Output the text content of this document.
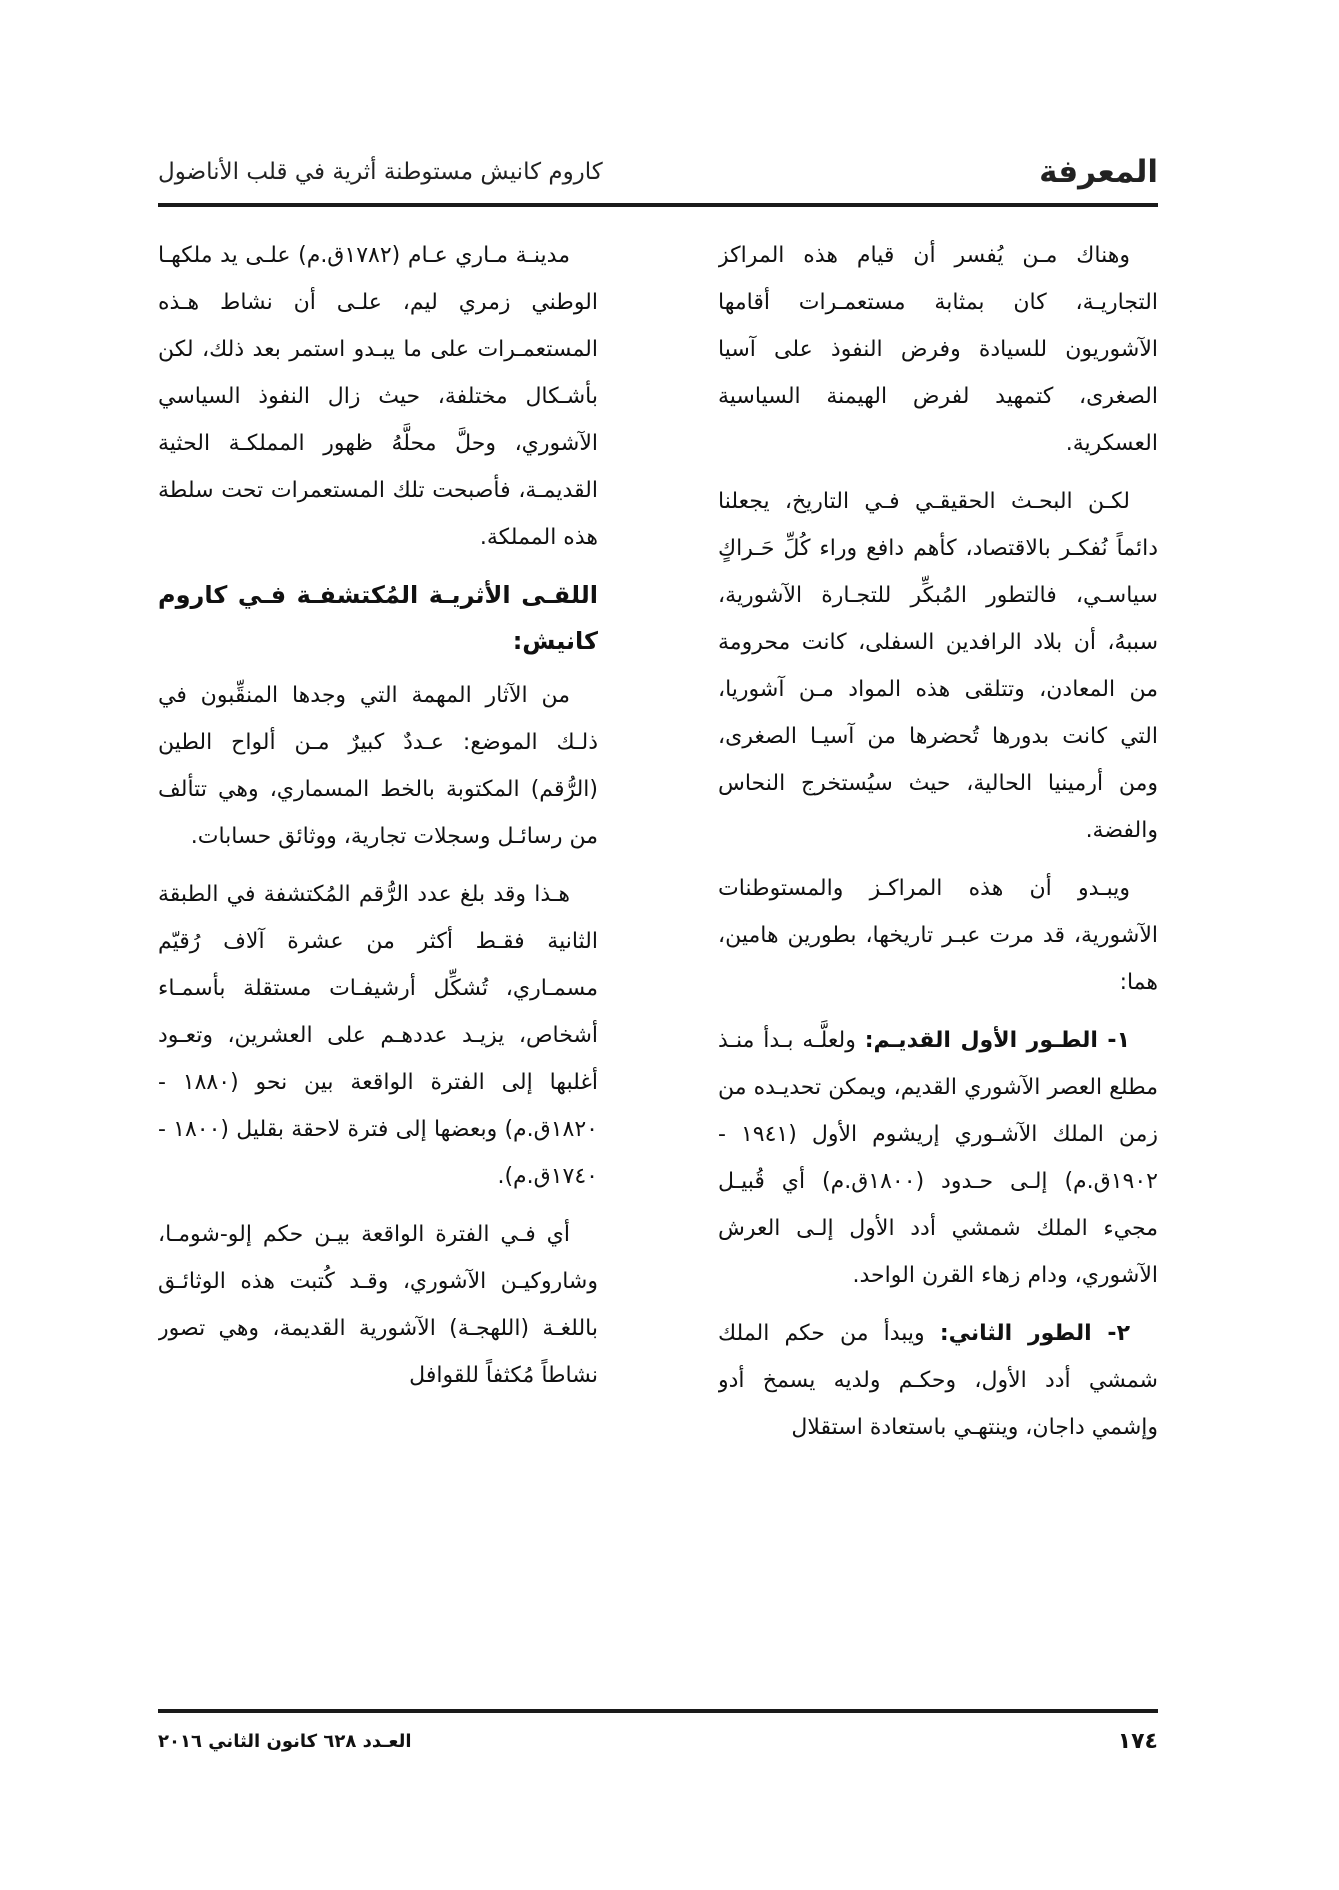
المعرفة
كاروم كانيش مستوطنة أثرية في قلب الأناضول

وهناك مـن يُفسر أن قيام هذه المراكز التجاريـة، كان بمثابة مستعمـرات أقامها الآشوريون للسيادة وفرض النفوذ على آسيا الصغرى، كتمهيد لفرض الهيمنة السياسية العسكرية.

لكـن البحـث الحقيقـي فـي التاريخ، يجعلنا دائماً نُفكـر بالاقتصاد، كأهم دافع وراء كُلِّ حَـراكٍ سياسـي، فالتطور المُبكِّر للتجـارة الآشورية، سببهُ، أن بلاد الرافدين السفلى، كانت محرومة من المعادن، وتتلقى هذه المواد مـن آشوريا، التي كانت بدورها تُحضرها من آسيـا الصغرى، ومن أرمينيا الحالية، حيث سيُستخرج النحاس والفضة.

ويبـدو أن هذه المراكـز والمستوطنات الآشورية، قد مرت عبـر تاريخها، بطورين هامين، هما:

١- الطـور الأول القديـم: ولعلَّـه بـدأ منـذ مطلع العصر الآشوري القديم، ويمكن تحديـده من زمن الملك الآشـوري إريشوم الأول (١٩٤١ - ١٩٠٢ق.م) إلـى حـدود (١٨٠٠ق.م) أي قُبيـل مجيء الملك شمشي أدد الأول إلـى العرش الآشوري، ودام زهاء القرن الواحد.

٢- الطور الثاني: ويبدأ من حكم الملك شمشي أدد الأول، وحكـم ولديه يسمخ أدو وإشمي داجان، وينتهـي باستعادة استقلال

مدينـة مـاري عـام (١٧٨٢ق.م) علـى يد ملكهـا الوطني زمري ليم، علـى أن نشاط هـذه المستعمـرات على ما يبـدو استمر بعد ذلك، لكن بأشـكال مختلفة، حيث زال النفوذ السياسي الآشوري، وحلَّ محلَّهُ ظهور المملكـة الحثية القديمـة، فأصبحت تلك المستعمرات تحت سلطة هذه المملكة.

اللقـى الأثريـة المُكتشفـة فـي كاروم كانيش:

من الآثار المهمة التي وجدها المنقِّبون في ذلـك الموضع: عـددٌ كبيرٌ مـن ألواح الطين (الرُّقم) المكتوبة بالخط المسماري، وهي تتألف من رسائـل وسجلات تجارية، ووثائق حسابات.

هـذا وقد بلغ عدد الرُّقم المُكتشفة في الطبقة الثانية فقـط أكثر من عشرة آلاف رُقيّم مسمـاري، تُشكِّل أرشيفـات مستقلة بأسمـاء أشخاص، يزيـد عددهـم على العشرين، وتعـود أغلبها إلى الفترة الواقعة بين نحو (١٨٨٠ - ١٨٢٠ق.م) وبعضها إلى فترة لاحقة بقليل (١٨٠٠ - ١٧٤٠ق.م).

أي فـي الفترة الواقعة بيـن حكم إلو-شومـا، وشاروكيـن الآشوري، وقـد كُتبت هذه الوثائـق باللغـة (اللهجـة) الآشورية القديمة، وهي تصور نشاطاً مُكثفاً للقوافل

١٧٤
العـدد ٦٢٨ كانون الثاني ٢٠١٦
